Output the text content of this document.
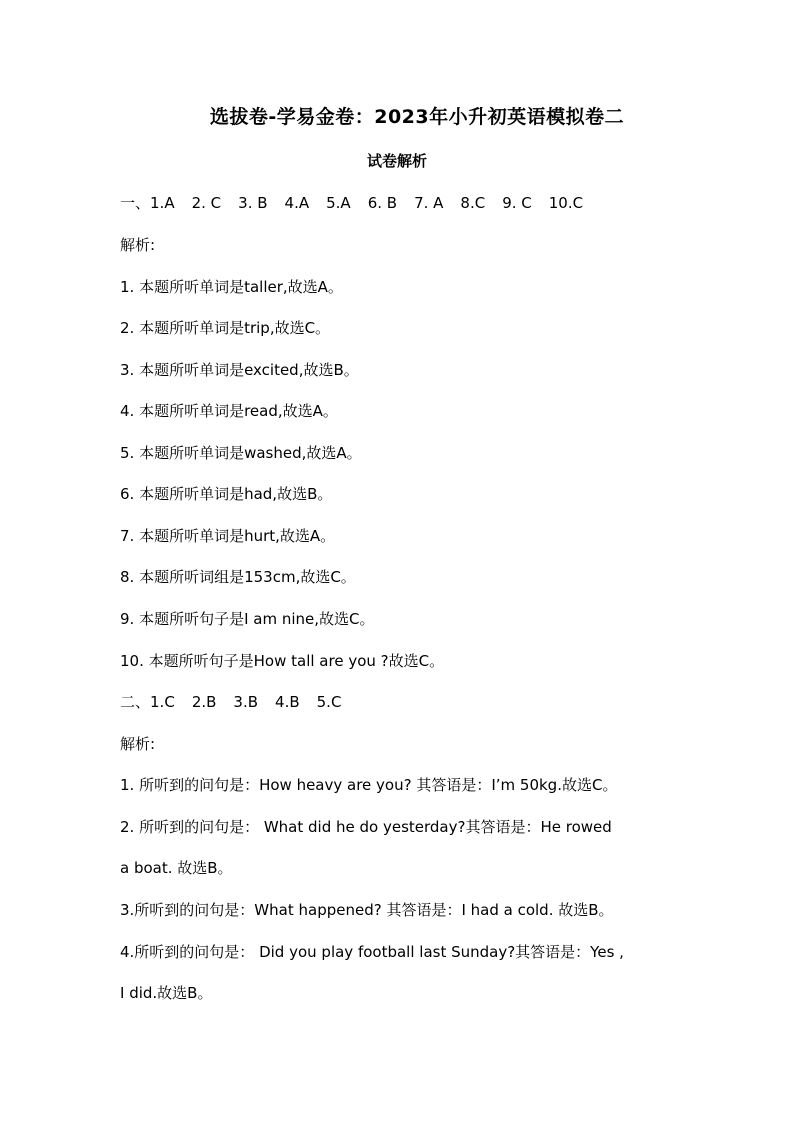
选拔卷-学易金卷：2023年小升初英语模拟卷二
试卷解析
一、1.A 2. C 3. B 4.A 5.A 6. B 7. A 8.C 9. C 10.C
解析:
1. 本题所听单词是taller,故选A。
2. 本题所听单词是trip,故选C。
3. 本题所听单词是excited,故选B。
4. 本题所听单词是read,故选A。
5. 本题所听单词是washed,故选A。
6. 本题所听单词是had,故选B。
7. 本题所听单词是hurt,故选A。
8. 本题所听词组是153cm,故选C。
9. 本题所听句子是I am nine,故选C。
10. 本题所听句子是How tall are you ?故选C。
二、1.C 2.B 3.B 4.B 5.C
解析:
1. 所听到的问句是：How heavy are you? 其答语是：I’m 50kg.故选C。
2. 所听到的问句是： What did he do yesterday?其答语是：He rowed
a boat. 故选B。
3.所听到的问句是：What happened? 其答语是：I had a cold. 故选B。
4.所听到的问句是： Did you play football last Sunday?其答语是：Yes ,
I did.故选B。
